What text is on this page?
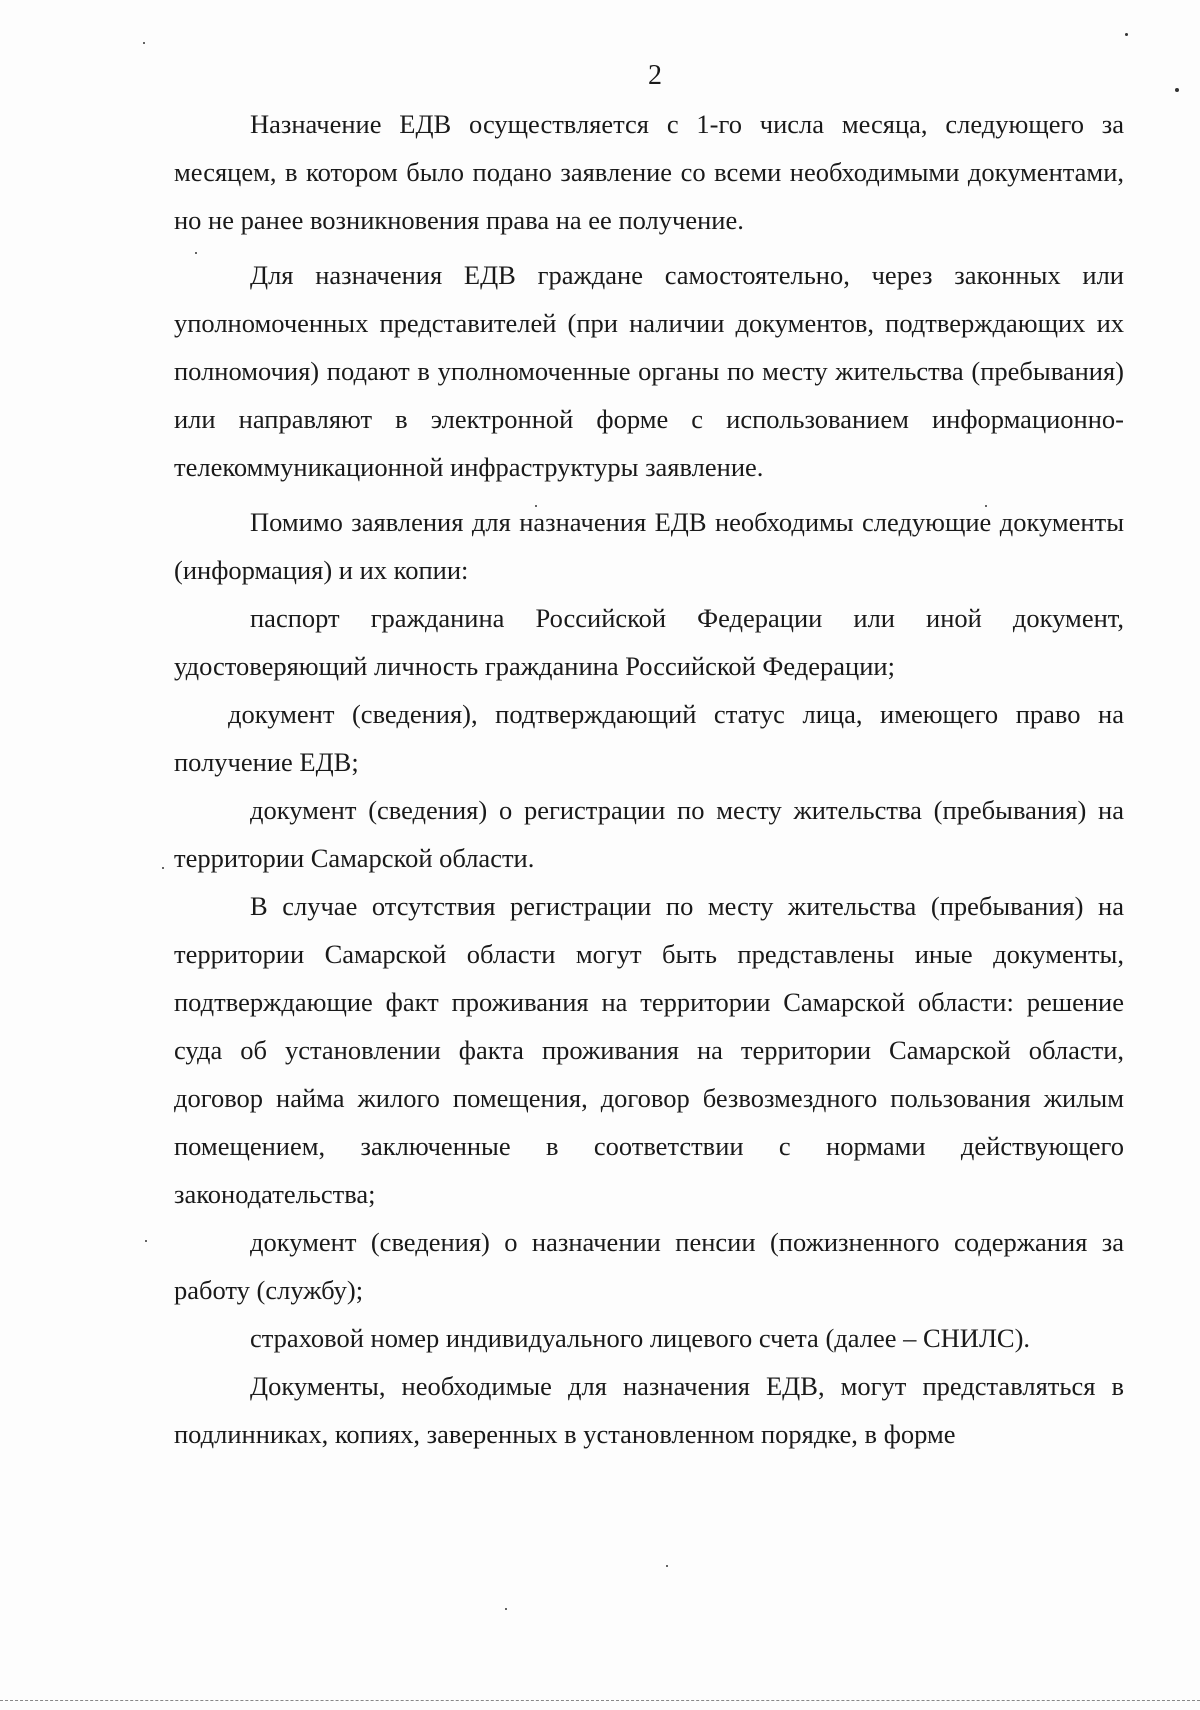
2

Назначение ЕДВ осуществляется с 1-го числа месяца, следующего за месяцем, в котором было подано заявление со всеми необходимыми документами, но не ранее возникновения права на ее получение.

Для назначения ЕДВ граждане самостоятельно, через законных или уполномоченных представителей (при наличии документов, подтверждающих их полномочия) подают в уполномоченные органы по месту жительства (пребывания) или направляют в электронной форме с использованием информационно-телекоммуникационной инфраструктуры заявление.

Помимо заявления для назначения ЕДВ необходимы следующие документы (информация) и их копии:

паспорт гражданина Российской Федерации или иной документ, удостоверяющий личность гражданина Российской Федерации;

документ (сведения), подтверждающий статус лица, имеющего право на получение ЕДВ;

документ (сведения) о регистрации по месту жительства (пребывания) на территории Самарской области.

В случае отсутствия регистрации по месту жительства (пребывания) на территории Самарской области могут быть представлены иные документы, подтверждающие факт проживания на территории Самарской области: решение суда об установлении факта проживания на территории Самарской области, договор найма жилого помещения, договор безвозмездного пользования жилым помещением, заключенные в соответствии с нормами действующего законодательства;

документ (сведения) о назначении пенсии (пожизненного содержания за работу (службу);

страховой номер индивидуального лицевого счета (далее – СНИЛС).

Документы, необходимые для назначения ЕДВ, могут представляться в подлинниках, копиях, заверенных в установленном порядке, в форме
